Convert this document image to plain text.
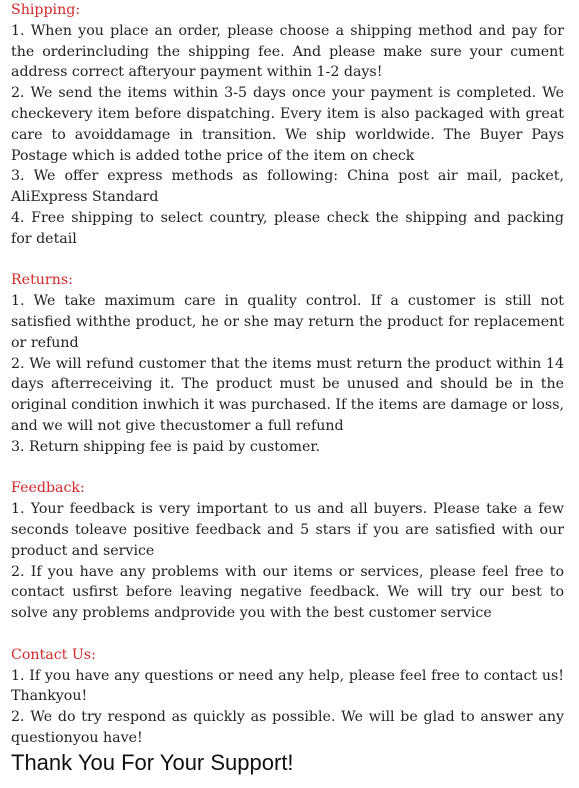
Shipping:

1. When you place an order, please choose a shipping method and pay for the orderincluding the shipping fee. And please make sure your cument address correct afteryour payment within 1-2 days!

2. We send the items within 3-5 days once your payment is completed. We checkevery item before dispatching. Every item is also packaged with great care to avoiddamage in transition. We ship worldwide. The Buyer Pays Postage which is added tothe price of the item on check

3. We offer express methods as following: China post air mail, packet, AliExpress Standard

4. Free shipping to select country, please check the shipping and packing for detail

Returns:

1. We take maximum care in quality control. If a customer is still not satisfied withthe product, he or she may return the product for replacement or refund

2. We will refund customer that the items must return the product within 14 days afterreceiving it. The product must be unused and should be in the original condition inwhich it was purchased. If the items are damage or loss, and we will not give thecustomer a full refund

3. Return shipping fee is paid by customer.

Feedback:

1. Your feedback is very important to us and all buyers. Please take a few seconds toleave positive feedback and 5 stars if you are satisfied with our product and service

2. If you have any problems with our items or services, please feel free to contact usfirst before leaving negative feedback. We will try our best to solve any problems andprovide you with the best customer service

Contact Us:

1. If you have any questions or need any help, please feel free to contact us! Thankyou!

2. We do try respond as quickly as possible. We will be glad to answer any questionyou have!

Thank You For Your Support!
